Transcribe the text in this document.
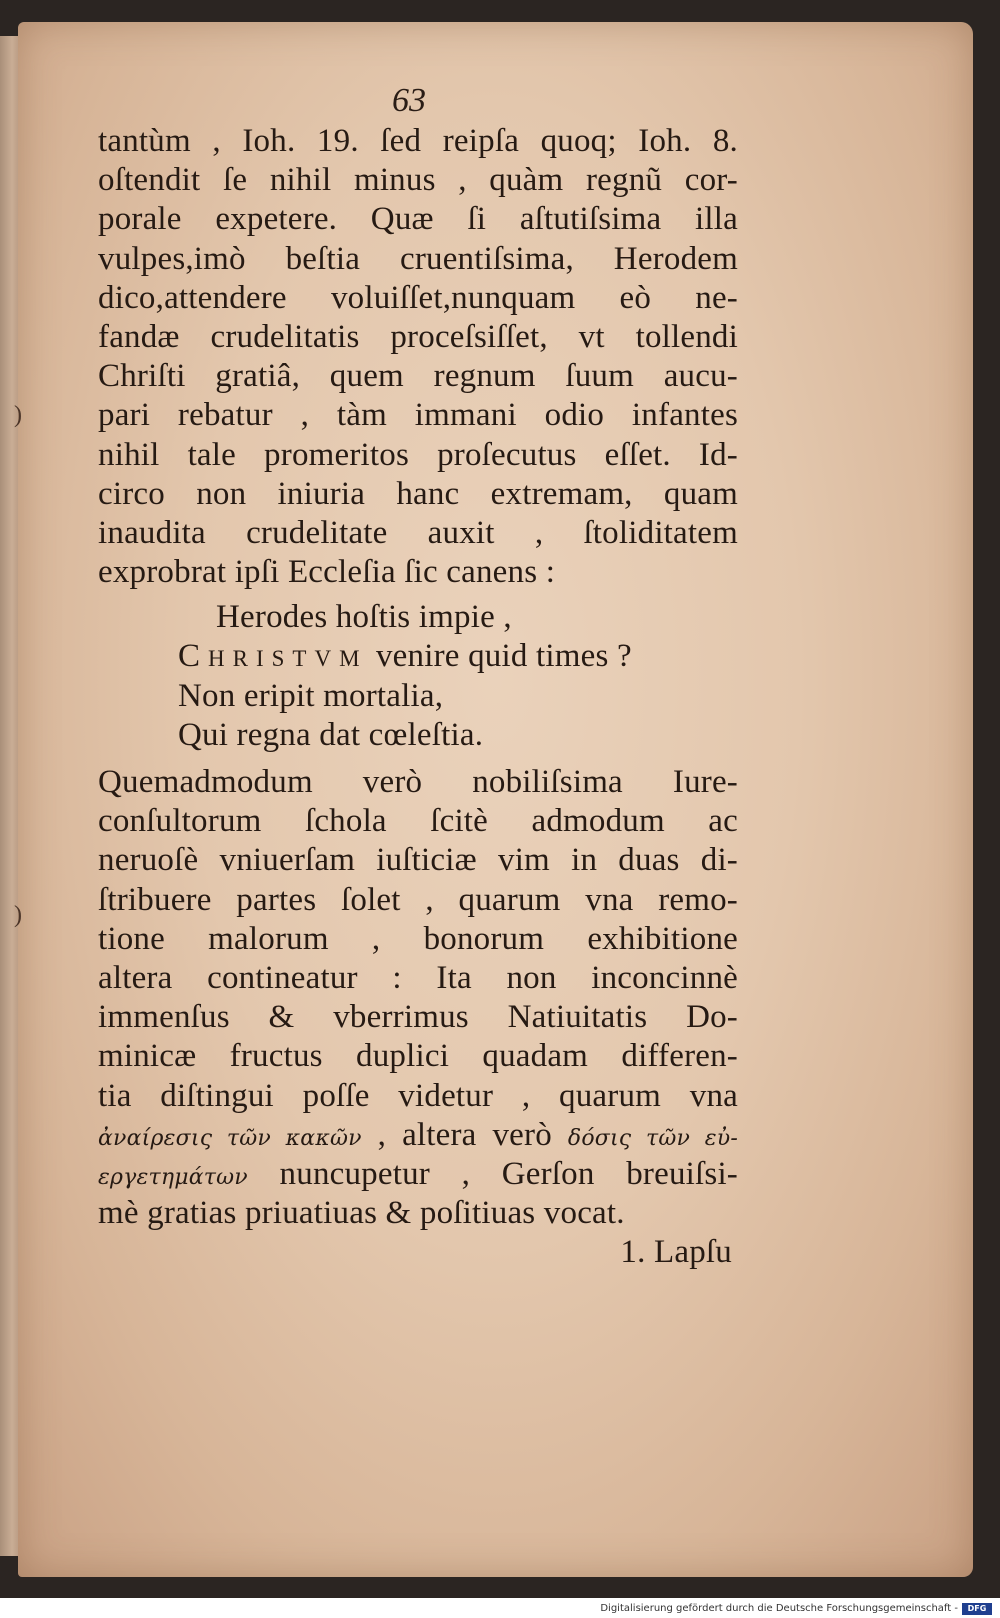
)
)
63
tantùm , Ioh. 19. ſed reipſa quoq; Ioh. 8.
oſtendit ſe nihil minus , quàm regnũ cor-
porale expetere. Quæ ſi aſtutiſsima illa
vulpes,imò beſtia cruentiſsima, Herodem
dico,attendere voluiſſet,nunquam eò ne-
fandæ crudelitatis proceſsiſſet, vt tollendi
Chriſti gratiâ, quem regnum ſuum aucu-
pari rebatur , tàm immani odio infantes
nihil tale promeritos proſecutus eſſet. Id-
circo non iniuria hanc extremam, quam
inaudita crudelitate auxit , ſtoliditatem
exprobrat ipſi Eccleſia ſic canens :
Herodes hoſtis impie ,
Christvm venire quid times ?
Non eripit mortalia,
Qui regna dat cœleſtia.
Quemadmodum verò nobiliſsima Iure-
conſultorum ſchola ſcitè admodum ac
neruoſè vniuerſam iuſticiæ vim in duas di-
ſtribuere partes ſolet , quarum vna remo-
tione malorum , bonorum exhibitione
altera contineatur : Ita non inconcinnè
immenſus & vberrimus Natiuitatis Do-
minicæ fructus duplici quadam differen-
tia diſtingui poſſe videtur , quarum vna
ἀναίρεσις τῶν κακῶν , altera verò δόσις τῶν εὐ-
εργετημάτων nuncupetur , Gerſon breuiſsi-
mè gratias priuatiuas & poſitiuas vocat.
1. Lapſu
Digitalisierung gefördert durch die Deutsche Forschungsgemeinschaft -	DFG
